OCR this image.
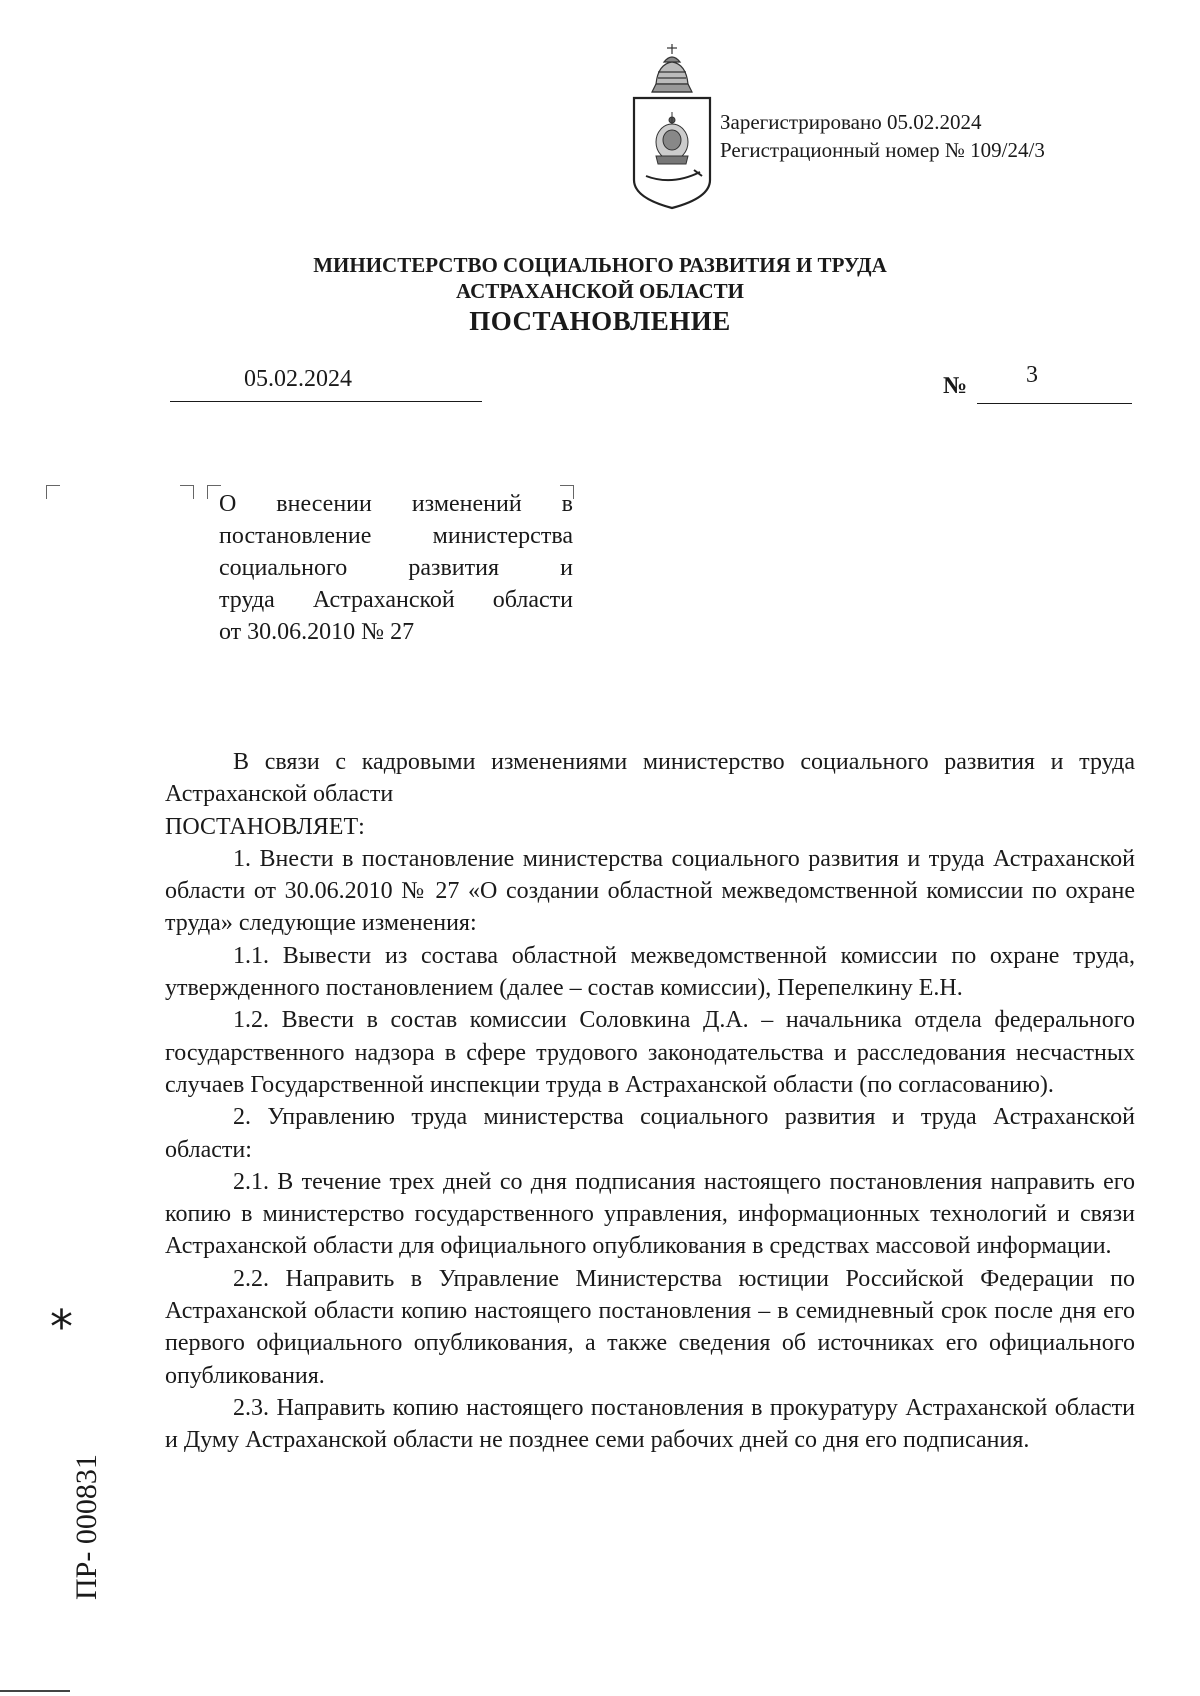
Зарегистрировано 05.02.2024
Регистрационный номер № 109/24/3
МИНИСТЕРСТВО СОЦИАЛЬНОГО РАЗВИТИЯ И ТРУДА
АСТРАХАНСКОЙ ОБЛАСТИ
ПОСТАНОВЛЕНИЕ
05.02.2024	№ 3
О внесении изменений в
постановление министерства
социального развития и
труда Астраханской области
от 30.06.2010 № 27
В связи с кадровыми изменениями министерство социального развития и труда Астраханской области
ПОСТАНОВЛЯЕТ:
1. Внести в постановление министерства социального развития и труда Астраханской области от 30.06.2010 № 27 «О создании областной межведомственной комиссии по охране труда» следующие изменения:
1.1. Вывести из состава областной межведомственной комиссии по охране труда, утвержденного постановлением (далее – состав комиссии), Перепелкину Е.Н.
1.2. Ввести в состав комиссии Соловкина Д.А. – начальника отдела федерального государственного надзора в сфере трудового законодательства и расследования несчастных случаев Государственной инспекции труда в Астраханской области (по согласованию).
2. Управлению труда министерства социального развития и труда Астраханской области:
2.1. В течение трех дней со дня подписания настоящего постановления направить его копию в министерство государственного управления, информационных технологий и связи Астраханской области для официального опубликования в средствах массовой информации.
2.2. Направить в Управление Министерства юстиции Российской Федерации по Астраханской области копию настоящего постановления – в семидневный срок после дня его первого официального опубликования, а также сведения об источниках его официального опубликования.
2.3. Направить копию настоящего постановления в прокуратуру Астраханской области и Думу Астраханской области не позднее семи рабочих дней со дня его подписания.
*
ПР- 000831
